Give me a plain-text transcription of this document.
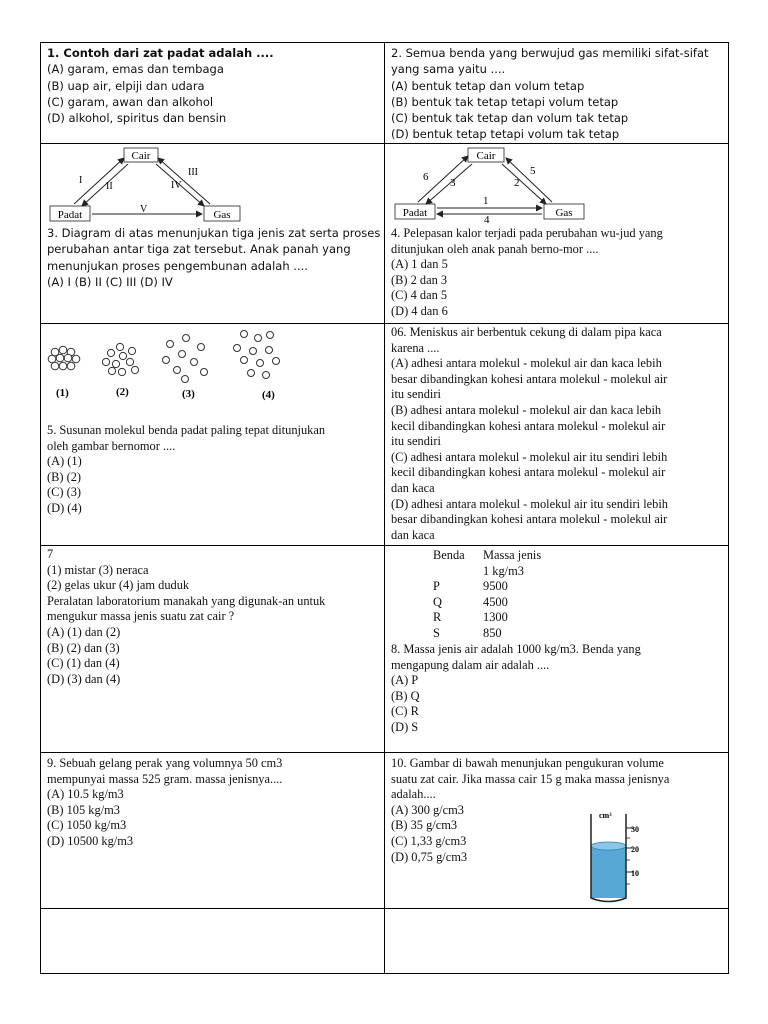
1. Contoh dari zat padat adalah ....
(A) garam, emas dan tembaga
(B) uap air, elpiji dan udara
(C) garam, awan dan alkohol
(D) alkohol, spiritus dan bensin
2. Semua benda yang berwujud gas memiliki sifat-sifat
yang sama yaitu ....
(A) bentuk tetap dan volum tetap
(B) bentuk tak tetap tetapi volum tetap
(C) bentuk tak tetap dan volum tak tetap
(D) bentuk tetap tetapi volum tak tetap
Cair
Padat	Gas
I
II
III
IV
V
3. Diagram di atas menunjukan tiga jenis zat serta proses
perubahan antar tiga zat tersebut. Anak panah yang
menunjukan proses pengembunan adalah ....
(A) I (B) II (C) III (D) IV
Cair
Padat	Gas
6 3	2
5
1
4
4. Pelepasan kalor terjadi pada perubahan wu-jud yang
ditunjukan oleh anak panah berno-mor ....
(A) 1 dan 5
(B) 2 dan 3
(C) 4 dan 5
(D) 4 dan 6
(1)	(2)	(3)	(4)
5. Susunan molekul benda padat paling tepat ditunjukan
oleh gambar bernomor ....
(A) (1)
(B) (2)
(C) (3)
(D) (4)
06. Meniskus air berbentuk cekung di dalam pipa kaca
karena ....
(A) adhesi antara molekul - molekul air dan kaca lebih
besar dibandingkan kohesi antara molekul - molekul air
itu sendiri
(B) adhesi antara molekul - molekul air dan kaca lebih
kecil dibandingkan kohesi antara molekul - molekul air
itu sendiri
(C) adhesi antara molekul - molekul air itu sendiri lebih
kecil dibandingkan kohesi antara molekul - molekul air
dan kaca
(D) adhesi antara molekul - molekul air itu sendiri lebih
besar dibandingkan kohesi antara molekul - molekul air
dan kaca
7
(1) mistar (3) neraca
(2) gelas ukur (4) jam duduk
Peralatan laboratorium manakah yang digunak-an untuk
mengukur massa jenis suatu zat cair ?
(A) (1) dan (2)
(B) (2) dan (3)
(C) (1) dan (4)
(D) (3) dan (4)
Benda	Massa jenis
	1 kg/m3
P	9500
Q	4500
R	1300
S	850
8. Massa jenis air adalah 1000 kg/m3. Benda yang
mengapung dalam air adalah ....
(A) P
(B) Q
(C) R
(D) S
9. Sebuah gelang perak yang volumnya 50 cm3
mempunyai massa 525 gram. massa jenisnya....
(A) 10.5 kg/m3
(B) 105 kg/m3
(C) 1050 kg/m3
(D) 10500 kg/m3
10. Gambar di bawah menunjukan pengukuran volume
suatu zat cair. Jika massa cair 15 g maka massa jenisnya
adalah....
(A) 300 g/cm3
(B) 35 g/cm3
(C) 1,33 g/cm3
(D) 0,75 g/cm3
cm³
30
20
10
